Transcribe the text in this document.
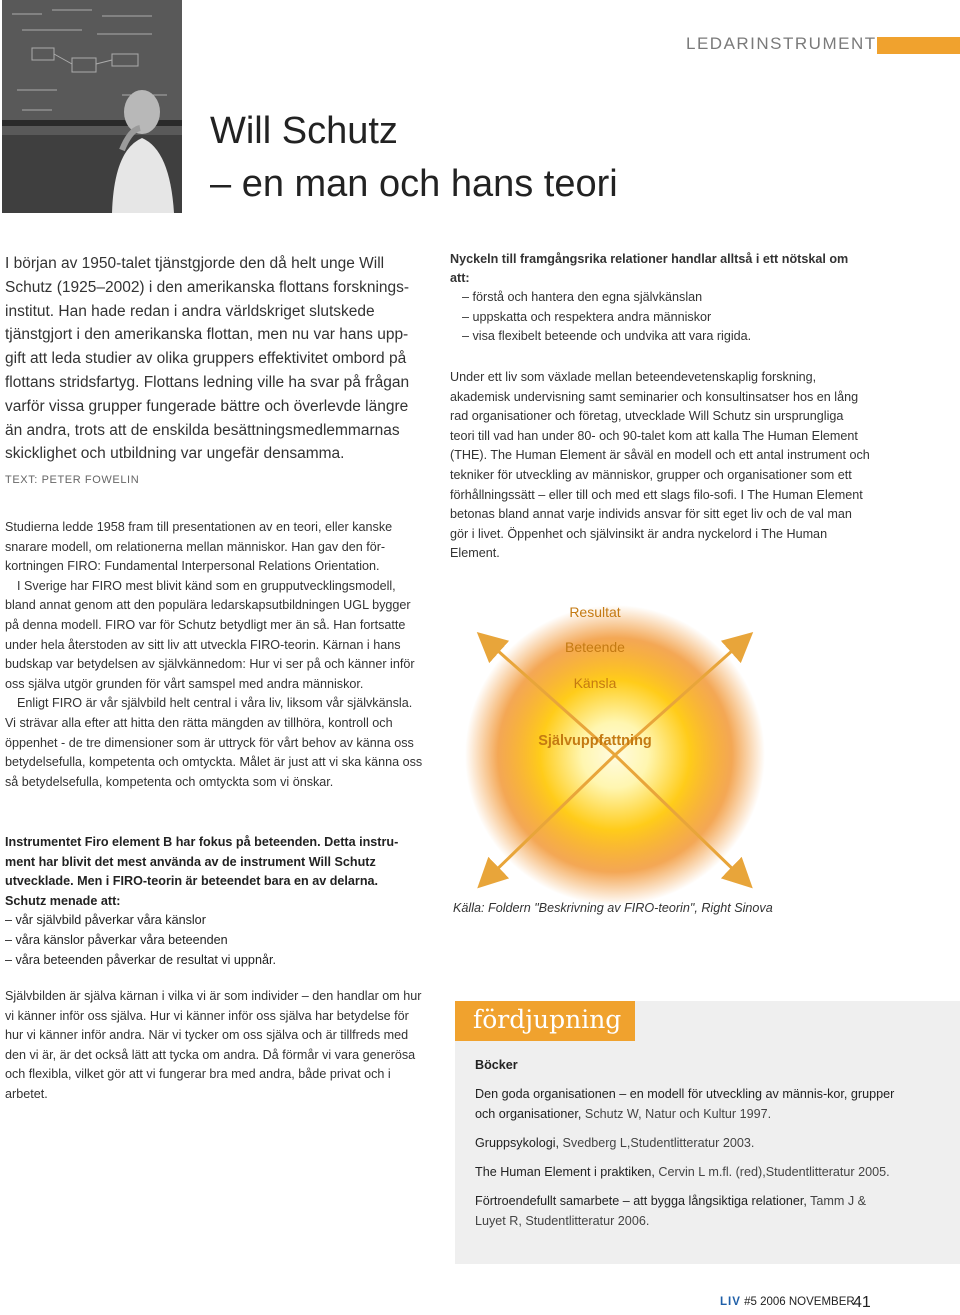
LEDARINSTRUMENT
Will Schutz
– en man och hans teori

I början av 1950-talet tjänstgjorde den då helt unge Will Schutz (1925–2002) i den amerikanska flottans forsknings-institut. Han hade redan i andra världskriget slutskede tjänstgjort i den amerikanska flottan, men nu var hans upp-gift att leda studier av olika gruppers effektivitet ombord på flottans stridsfartyg. Flottans ledning ville ha svar på frågan varför vissa grupper fungerade bättre och överlevde längre än andra, trots att de enskilda besättningsmedlemmarnas skicklighet och utbildning var ungefär densamma.

TEXT: PETER FOWELIN

Studierna ledde 1958 fram till presentationen av en teori, eller kanske snarare modell, om relationerna mellan människor. Han gav den för-kortningen FIRO: Fundamental Interpersonal Relations Orientation.

I Sverige har FIRO mest blivit känd som en grupputvecklingsmodell, bland annat genom att den populära ledarskapsutbildningen UGL bygger på denna modell. FIRO var för Schutz betydligt mer än så. Han fortsatte under hela återstoden av sitt liv att utveckla FIRO-teorin. Kärnan i hans budskap var betydelsen av självkännedom: Hur vi ser på och känner inför oss själva utgör grunden för vårt samspel med andra människor.

Enligt FIRO är vår självbild helt central i våra liv, liksom vår självkänsla. Vi strävar alla efter att hitta den rätta mängden av tillhöra, kontroll och öppenhet - de tre dimensioner som är uttryck för vårt behov av känna oss betydelsefulla, kompetenta och omtyckta. Målet är just att vi ska känna oss så betydelsefulla, kompetenta och omtyckta som vi önskar.

Nyckeln till framgångsrika relationer handlar alltså i ett nötskal om att:
– förstå och hantera den egna självkänslan
– uppskatta och respektera andra människor
– visa flexibelt beteende och undvika att vara rigida.

Under ett liv som växlade mellan beteendevetenskaplig forskning, akademisk undervisning samt seminarier och konsultinsatser hos en lång rad organisationer och företag, utvecklade Will Schutz sin ursprungliga teori till vad han under 80- och 90-talet kom att kalla The Human Element (THE). The Human Element är såväl en modell och ett antal instrument och tekniker för utveckling av människor, grupper och organisationer som ett förhållningssätt – eller till och med ett slags filo-sofi. I The Human Element betonas bland annat varje individs ansvar för sitt eget liv och de val man gör i livet. Öppenhet och självinsikt är andra nyckelord i The Human Element.

Resultat
Beteende
Känsla
Självuppfattning
Källa: Foldern "Beskrivning av FIRO-teorin", Right Sinova
Instrumentet Firo element B har fokus på beteenden. Detta instru-ment har blivit det mest använda av de instrument Will Schutz utvecklade. Men i FIRO-teorin är beteendet bara en av delarna.
Schutz menade att:
– vår självbild påverkar våra känslor
– våra känslor påverkar våra beteenden
– våra beteenden påverkar de resultat vi uppnår.

Självbilden är själva kärnan i vilka vi är som individer – den handlar om hur vi känner inför oss själva. Hur vi känner inför oss själva har betydelse för hur vi känner inför andra. När vi tycker om oss själva och är tillfreds med den vi är, är det också lätt att tycka om andra. Då förmår vi vara generösa och flexibla, vilket gör att vi fungerar bra med andra, både privat och i arbetet.

fördjupning
Böcker
Den goda organisationen – en modell för utveckling av männis-kor, grupper och organisationer, Schutz W, Natur och Kultur 1997.
Gruppsykologi, Svedberg L,Studentlitteratur 2003.
The Human Element i praktiken, Cervin L m.fl. (red),Studentlitteratur 2005.
Förtroendefullt samarbete – att bygga långsiktiga relationer, Tamm J & Luyet R, Studentlitteratur 2006.
LIV #5 2006 NOVEMBER
41
